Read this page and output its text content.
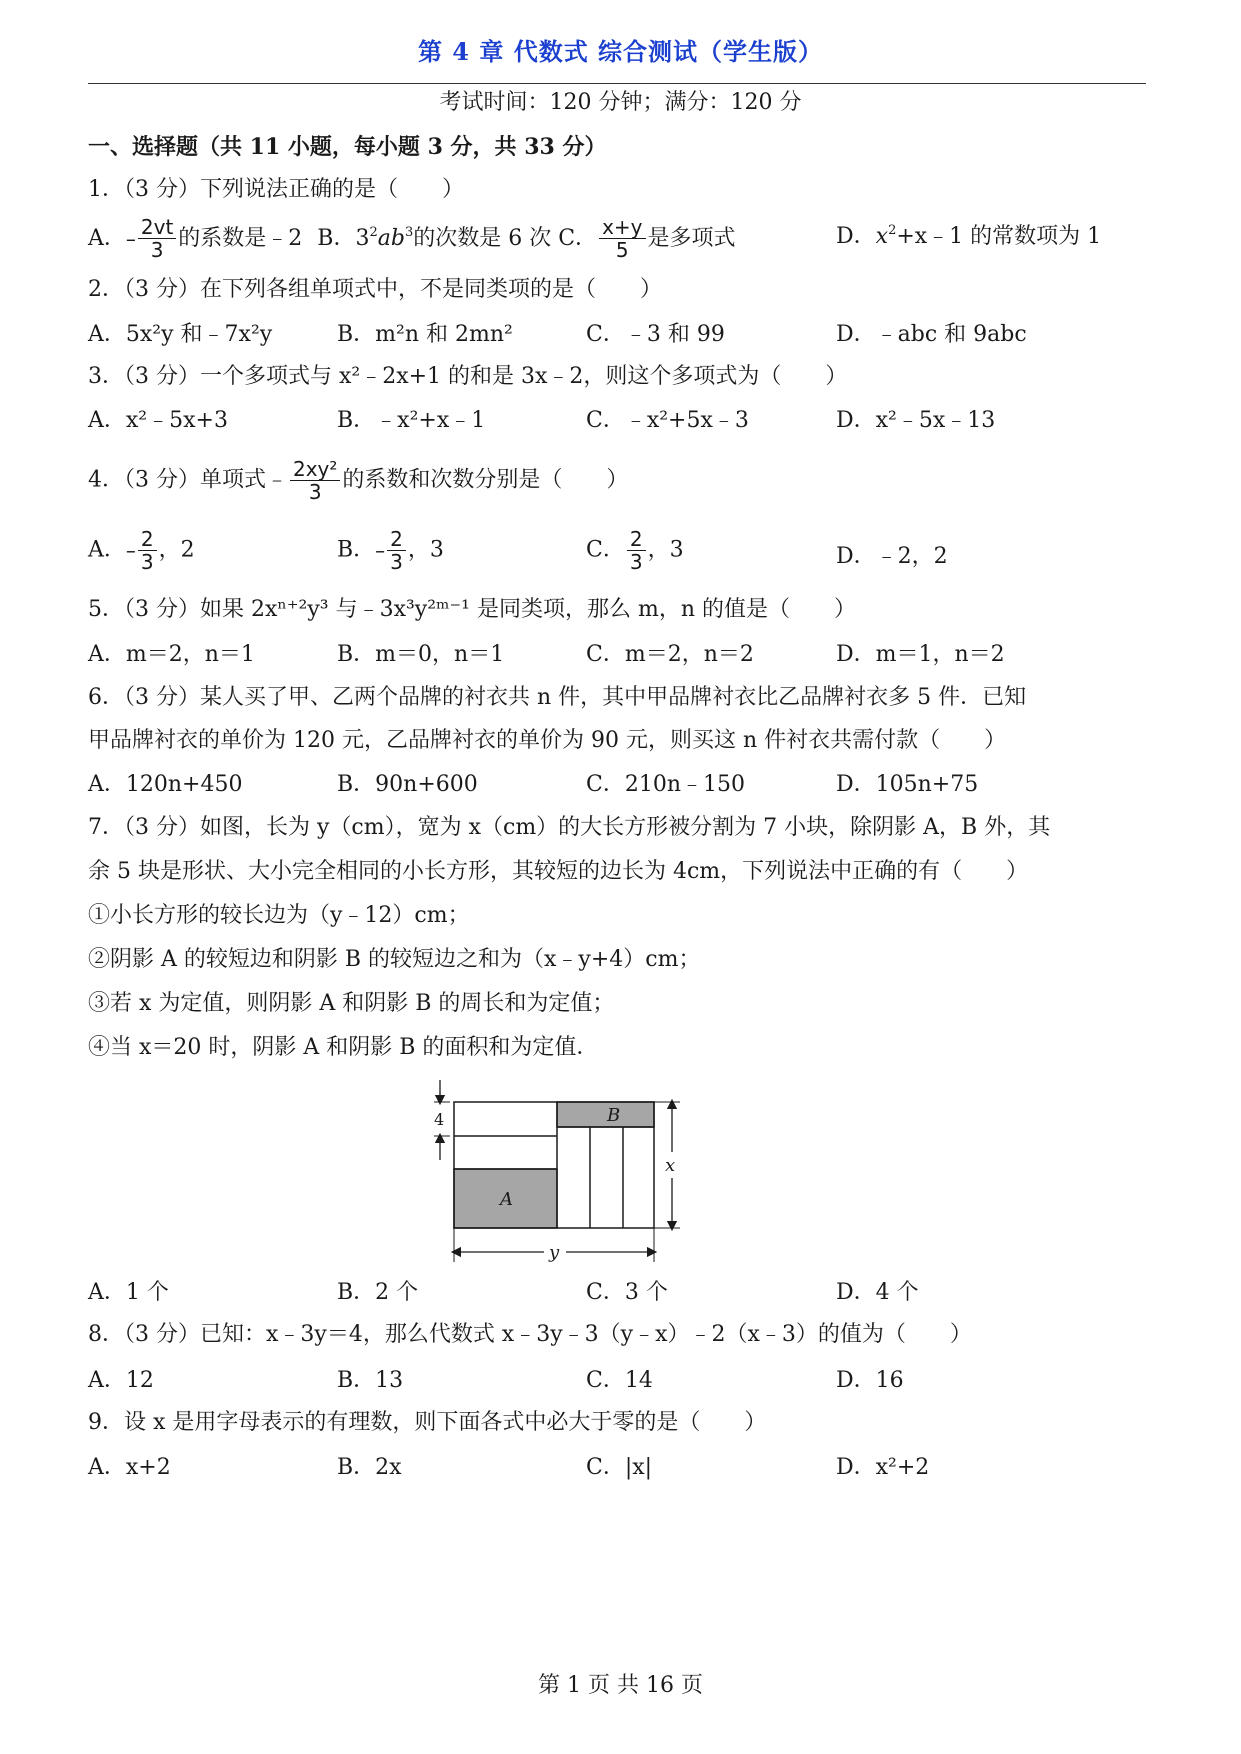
第 4 章 代数式 综合测试（学生版）
考试时间：120 分钟；满分：120 分
一、选择题（共 11 小题，每小题 3 分，共 33 分）
1．（3 分）下列说法正确的是（　　）
A．– $\frac{2vt}{3}$ 的系数是﹣2 B．$3^2ab^3$的次数是 6 次 C． $\frac{x+y}{5}$ 是多项式	D．$x^2+x﹣1$ 的常数项为 1
2．（3 分）在下列各组单项式中，不是同类项的是（　　）
A．5x²y 和﹣7x²y	B．m²n 和 2mn²	C．﹣3 和 99	D．﹣abc 和 9abc
3．（3 分）一个多项式与 x²﹣2x+1 的和是 3x﹣2，则这个多项式为（　　）
A．x²﹣5x+3	B．﹣x²+x﹣1	C．﹣x²+5x﹣3	D．x²﹣5x﹣13
4．（3 分）单项式﹣ $\frac{\text{2xy²}}{3}$ 的系数和次数分别是（　　）
A．– $\frac{2}{3}$ ，2	B．– $\frac{2}{3}$ ，3	C． $\frac{2}{3}$ ，3	D．﹣2，2
5．（3 分）如果 2xⁿ⁺²y³ 与﹣3x³y²ᵐ⁻¹ 是同类项，那么 m，n 的值是（　　）
A．m＝2，n＝1	B．m＝0，n＝1	C．m＝2，n＝2	D．m＝1，n＝2
6．（3 分）某人买了甲、乙两个品牌的衬衣共 n 件，其中甲品牌衬衣比乙品牌衬衣多 5 件．已知
甲品牌衬衣的单价为 120 元，乙品牌衬衣的单价为 90 元，则买这 n 件衬衣共需付款（　　）
A．120n+450	B．90n+600	C．210n﹣150	D．105n+75
7．（3 分）如图，长为 y（cm），宽为 x（cm）的大长方形被分割为 7 小块，除阴影 A，B 外，其
余 5 块是形状、大小完全相同的小长方形，其较短的边长为 4cm，下列说法中正确的有（　　）
①小长方形的较长边为（y﹣12）cm；
②阴影 A 的较短边和阴影 B 的较短边之和为（x﹣y+4）cm；
③若 x 为定值，则阴影 A 和阴影 B 的周长和为定值；
④当 x＝20 时，阴影 A 和阴影 B 的面积和为定值．
A
B
4
x
y
A．1 个	B．2 个	C．3 个	D．4 个
8．（3 分）已知：x﹣3y＝4，那么代数式 x﹣3y﹣3（y﹣x）﹣2（x﹣3）的值为（　　）
A．12	B．13	C．14	D．16
9．设 x 是用字母表示的有理数，则下面各式中必大于零的是（　　）
A．x+2	B．2x	C．|x|	D．x²+2
第 1 页 共 16 页
